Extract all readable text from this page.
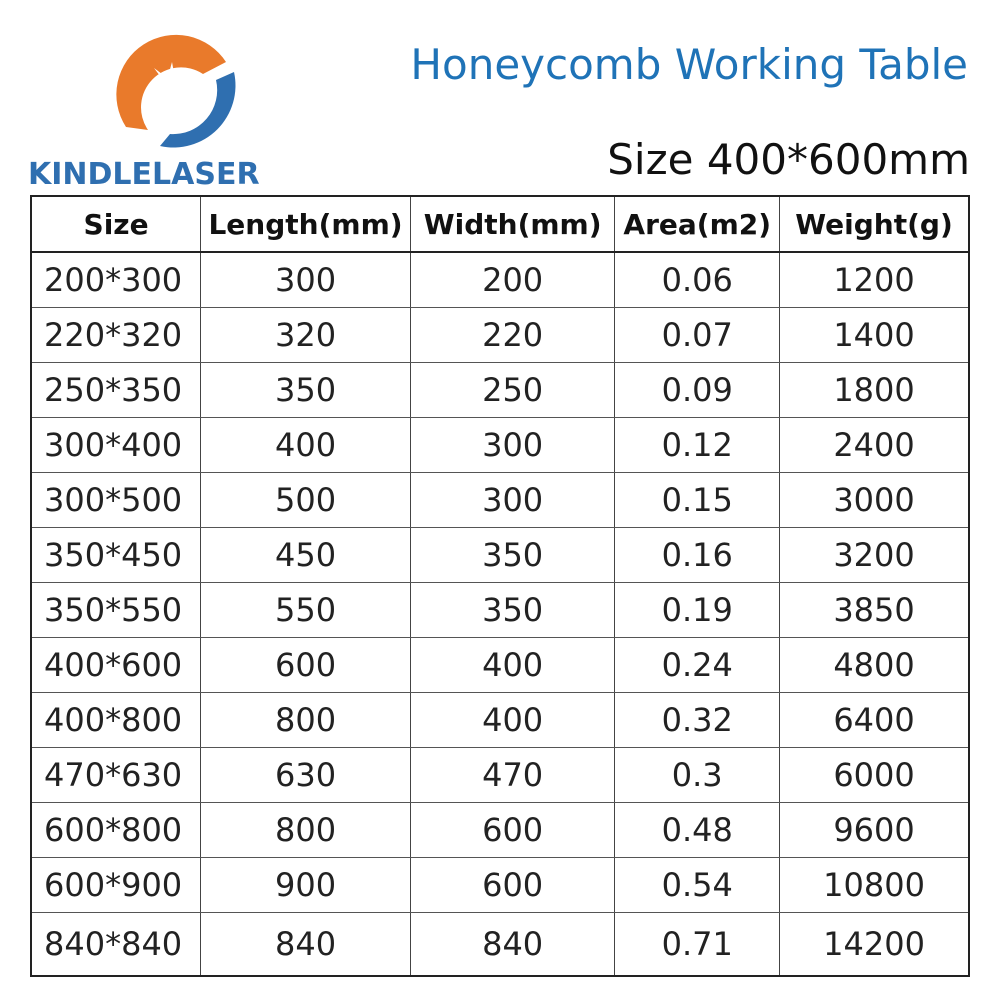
KINDLELASER
Honeycomb Working Table
Size 400*600mm
Size	Length(mm)	Width(mm)	Area(m2)	Weight(g)
200*300	300	200	0.06	1200
220*320	320	220	0.07	1400
250*350	350	250	0.09	1800
300*400	400	300	0.12	2400
300*500	500	300	0.15	3000
350*450	450	350	0.16	3200
350*550	550	350	0.19	3850
400*600	600	400	0.24	4800
400*800	800	400	0.32	6400
470*630	630	470	0.3	6000
600*800	800	600	0.48	9600
600*900	900	600	0.54	10800
840*840	840	840	0.71	14200
